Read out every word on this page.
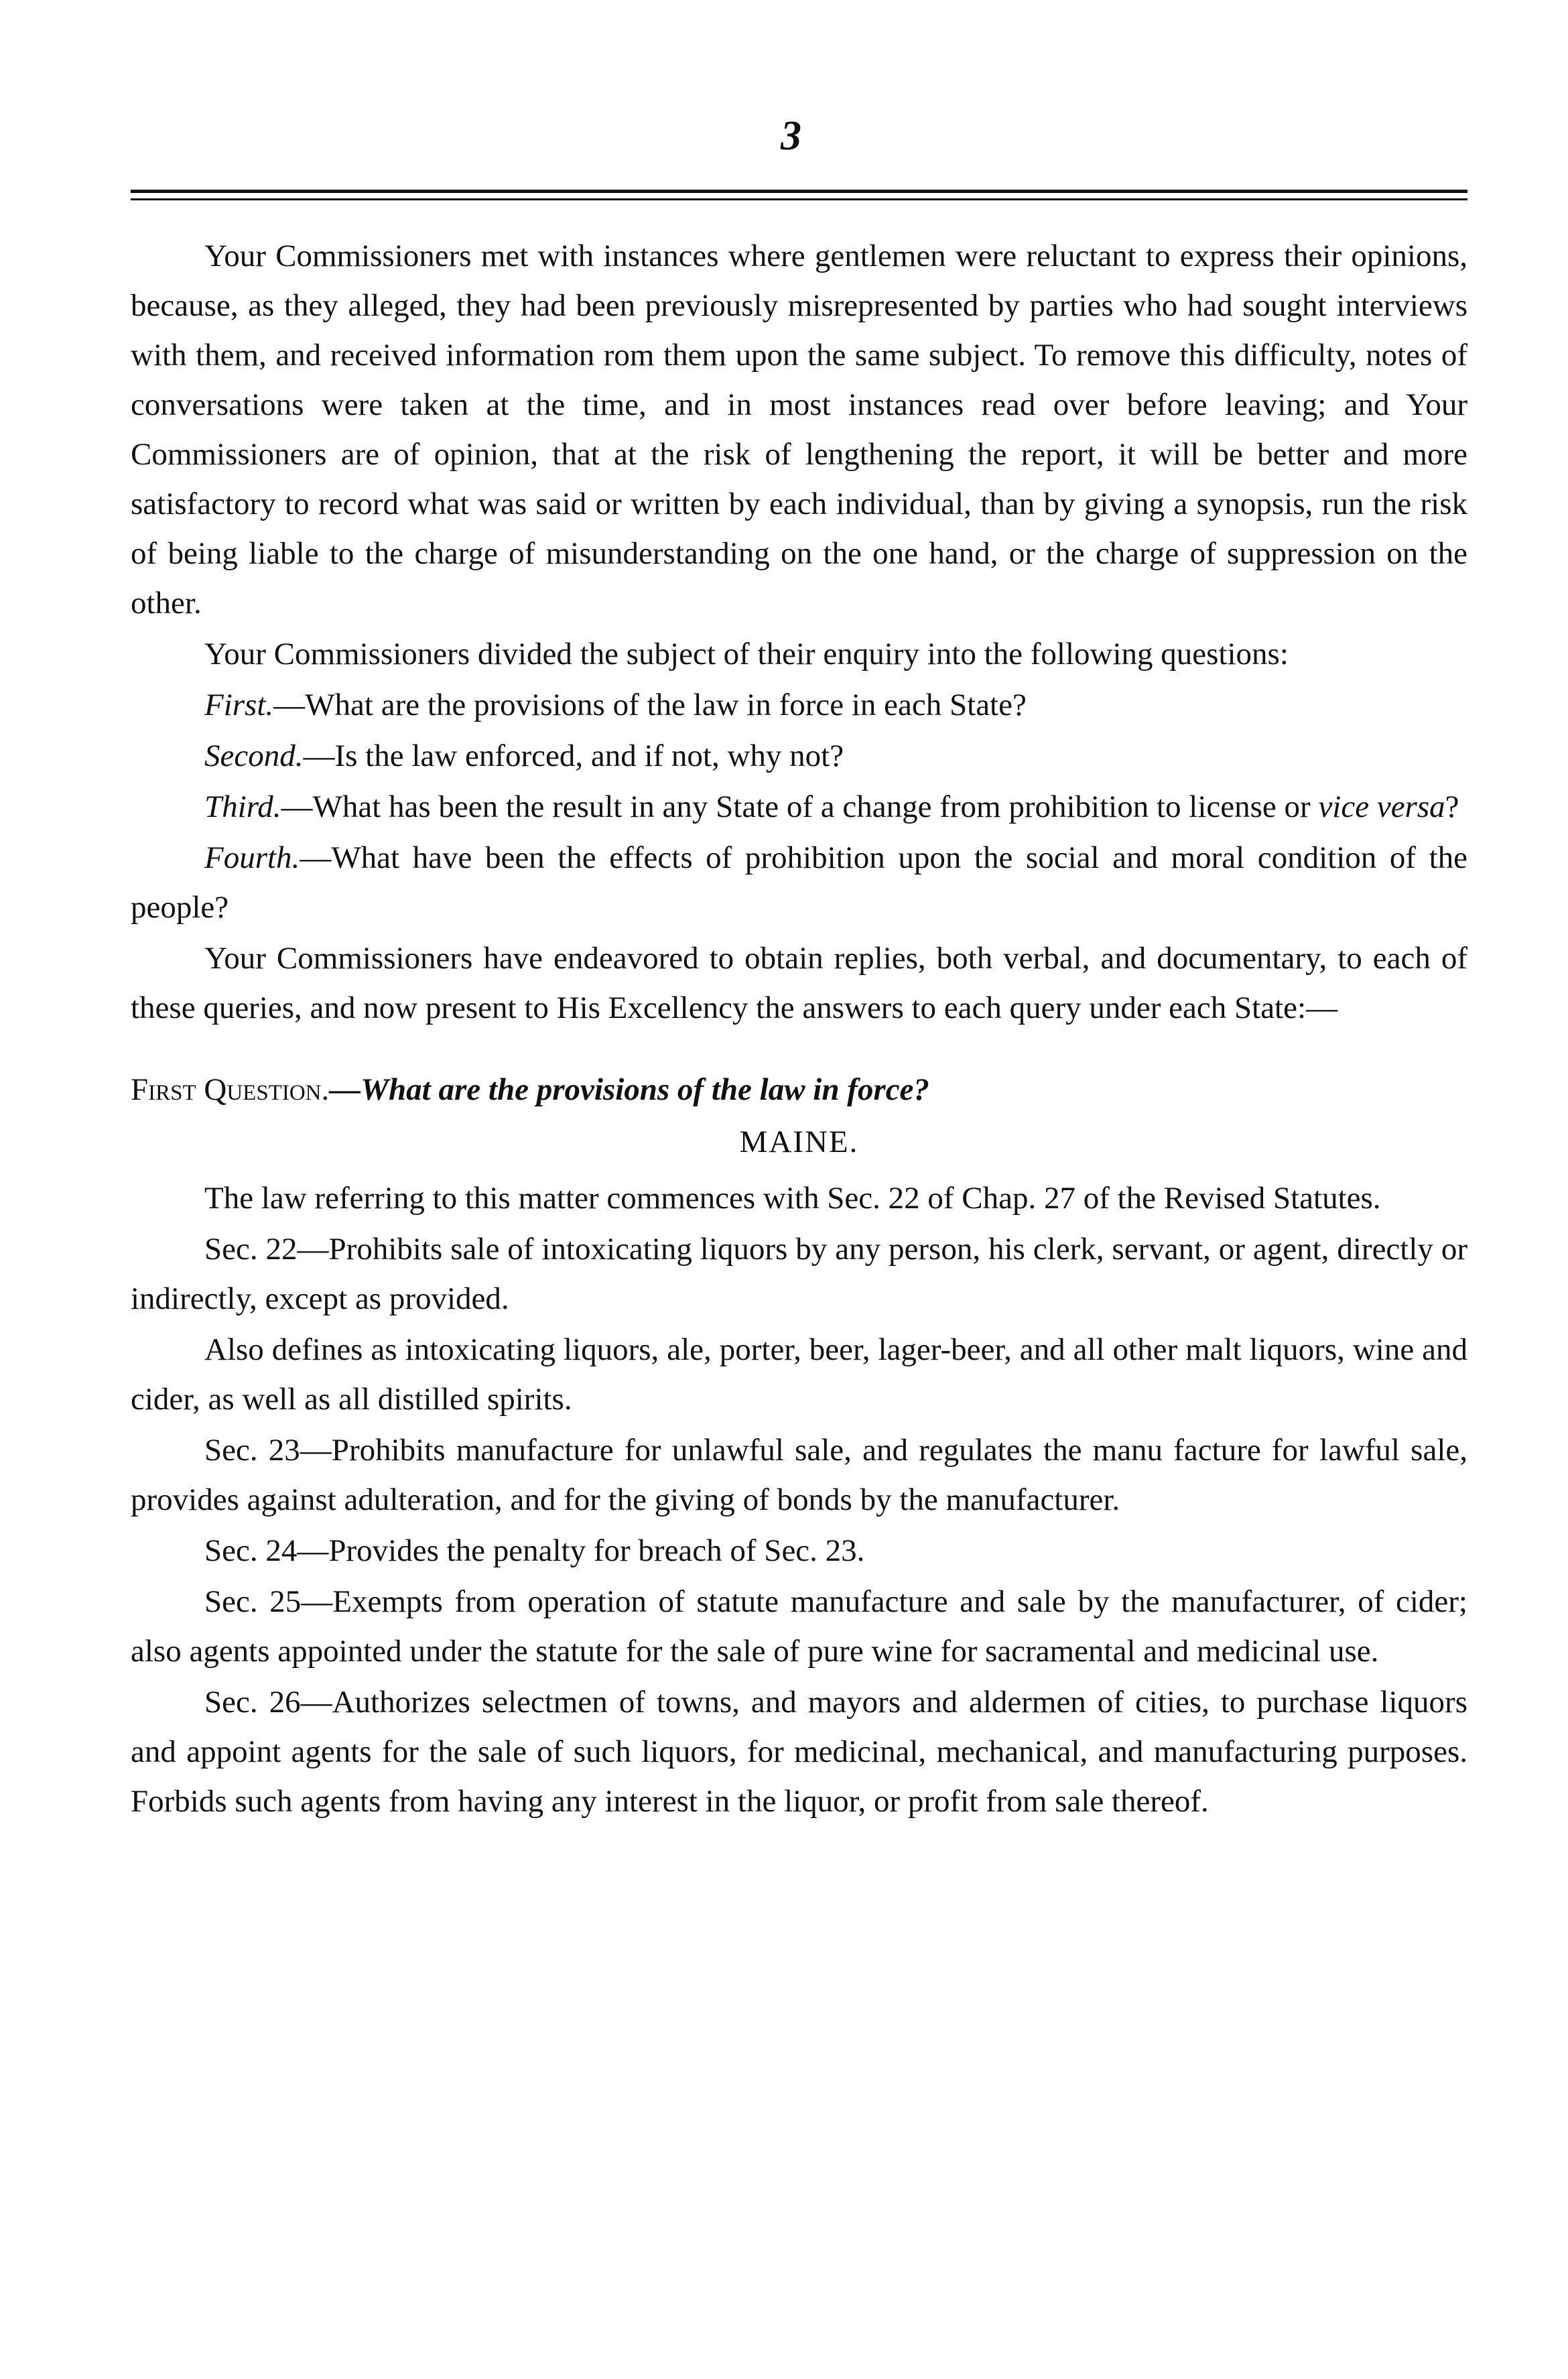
3

Your Commissioners met with instances where gentlemen were reluctant to express their opinions, because, as they alleged, they had been previously misrepresented by parties who had sought interviews with them, and received information rom them upon the same subject. To remove this difficulty, notes of conversations were taken at the time, and in most instances read over before leaving; and Your Commissioners are of opinion, that at the risk of lengthening the report, it will be better and more satisfactory to record what was said or written by each individual, than by giving a synopsis, run the risk of being liable to the charge of misunderstanding on the one hand, or the charge of suppression on the other.

Your Commissioners divided the subject of their enquiry into the following questions:

First.—What are the provisions of the law in force in each State?

Second.—Is the law enforced, and if not, why not?

Third.—What has been the result in any State of a change from prohibition to license or vice versa?

Fourth.—What have been the effects of prohibition upon the social and moral condition of the people?

Your Commissioners have endeavored to obtain replies, both verbal, and documentary, to each of these queries, and now present to His Excellency the answers to each query under each State:—

First Question.—What are the provisions of the law in force?

MAINE.

The law referring to this matter commences with Sec. 22 of Chap. 27 of the Revised Statutes.

Sec. 22—Prohibits sale of intoxicating liquors by any person, his clerk, servant, or agent, directly or indirectly, except as provided.

Also defines as intoxicating liquors, ale, porter, beer, lager-beer, and all other malt liquors, wine and cider, as well as all distilled spirits.

Sec. 23—Prohibits manufacture for unlawful sale, and regulates the manu facture for lawful sale, provides against adulteration, and for the giving of bonds by the manufacturer.

Sec. 24—Provides the penalty for breach of Sec. 23.

Sec. 25—Exempts from operation of statute manufacture and sale by the manufacturer, of cider; also agents appointed under the statute for the sale of pure wine for sacramental and medicinal use.

Sec. 26—Authorizes selectmen of towns, and mayors and aldermen of cities, to purchase liquors and appoint agents for the sale of such liquors, for medicinal, mechanical, and manufacturing purposes. Forbids such agents from having any interest in the liquor, or profit from sale thereof.
